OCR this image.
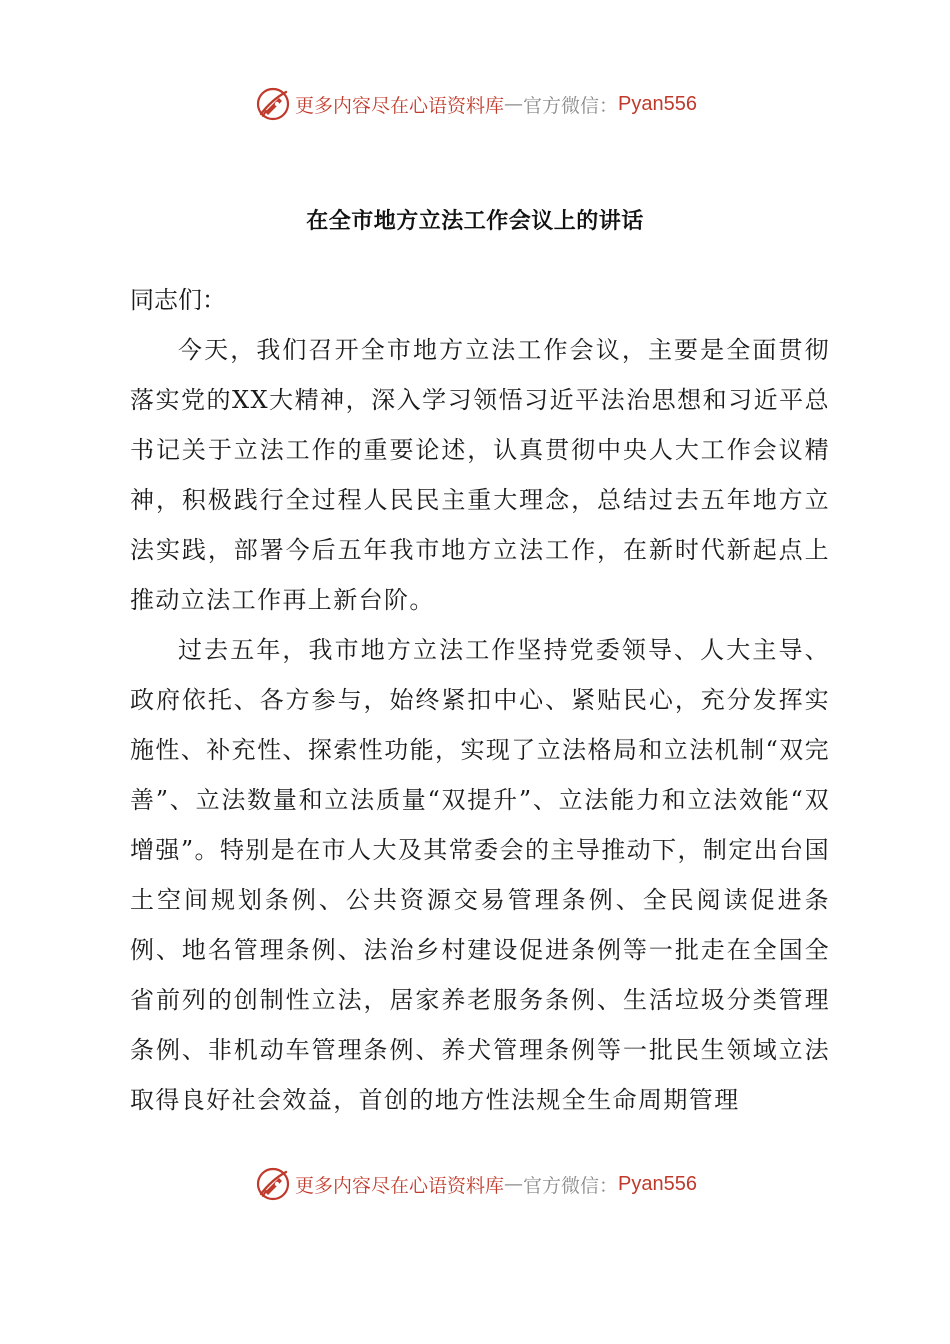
更多内容尽在心语资料库 — 官方微信： Pyan556
在全市地方立法工作会议上的讲话

同志们：

今天，我们召开全市地方立法工作会议，主要是全面贯彻落实党的XX大精神，深入学习领悟习近平法治思想和习近平总书记关于立法工作的重要论述，认真贯彻中央人大工作会议精神，积极践行全过程人民民主重大理念，总结过去五年地方立法实践，部署今后五年我市地方立法工作，在新时代新起点上推动立法工作再上新台阶。

过去五年，我市地方立法工作坚持党委领导、人大主导、政府依托、各方参与，始终紧扣中心、紧贴民心，充分发挥实施性、补充性、探索性功能，实现了立法格局和立法机制“双完善”、立法数量和立法质量“双提升”、立法能力和立法效能“双增强”。特别是在市人大及其常委会的主导推动下，制定出台国土空间规划条例、公共资源交易管理条例、全民阅读促进条例、地名管理条例、法治乡村建设促进条例等一批走在全国全省前列的创制性立法，居家养老服务条例、生活垃圾分类管理条例、非机动车管理条例、养犬管理条例等一批民生领域立法取得良好社会效益，首创的地方性法规全生命周期管理

更多内容尽在心语资料库 — 官方微信： Pyan556
